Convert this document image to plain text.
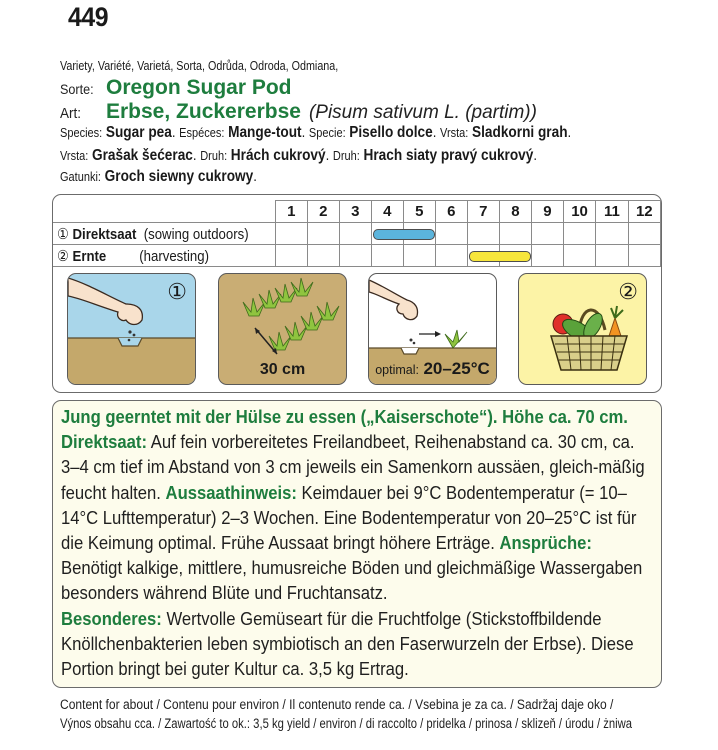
449
Variety, Variété, Varietá, Sorta, Odrůda, Odroda, Odmiana,
Sorte: Oregon Sugar Pod
Art: Erbse, Zuckererbse (Pisum sativum L. (partim))
Species: Sugar pea. Espéces: Mange-tout. Specie: Pisello dolce. Vrsta: Sladkorni grah.
Vrsta: Grašak šećerac. Druh: Hrách cukrový. Druh: Hrach siaty pravý cukrový.
Gatunki: Groch siewny cukrowy.
	1	2	3	4	5	6	7	8	9	10	11	12
① Direktsaat (sowing outdoors)												
② Ernte (harvesting)												
①
30 cm	optimal: 20–25°C
②
Jung geerntet mit der Hülse zu essen („Kaiserschote“). Höhe ca. 70 cm.
Direktsaat: Auf fein vorbereitetes Freilandbeet, Reihenabstand ca. 30 cm, ca. 3–4 cm tief im Abstand von 3 cm jeweils ein Samenkorn aussäen, gleich-mäßig feucht halten. Aussaathinweis: Keimdauer bei 9°C Bodentemperatur (= 10–14°C Lufttemperatur) 2–3 Wochen. Eine Bodentemperatur von 20–25°C ist für die Keimung optimal. Frühe Aussaat bringt höhere Erträge. Ansprüche: Benötigt kalkige, mittlere, humusreiche Böden und gleichmäßige Wassergaben besonders während Blüte und Fruchtansatz.
Besonderes: Wertvolle Gemüseart für die Fruchtfolge (Stickstoffbildende Knöllchenbakterien leben symbiotisch an den Faserwurzeln der Erbse). Diese Portion bringt bei guter Kultur ca. 3,5 kg Ertrag.
Content for about / Contenu pour environ / Il contenuto rende ca. / Vsebina je za ca. / Sadržaj daje oko /
Výnos obsahu cca. / Zawartość to ok.: 3,5 kg yield / environ / di raccolto / pridelka / prinosa / sklizeň / úrodu / żniwa
